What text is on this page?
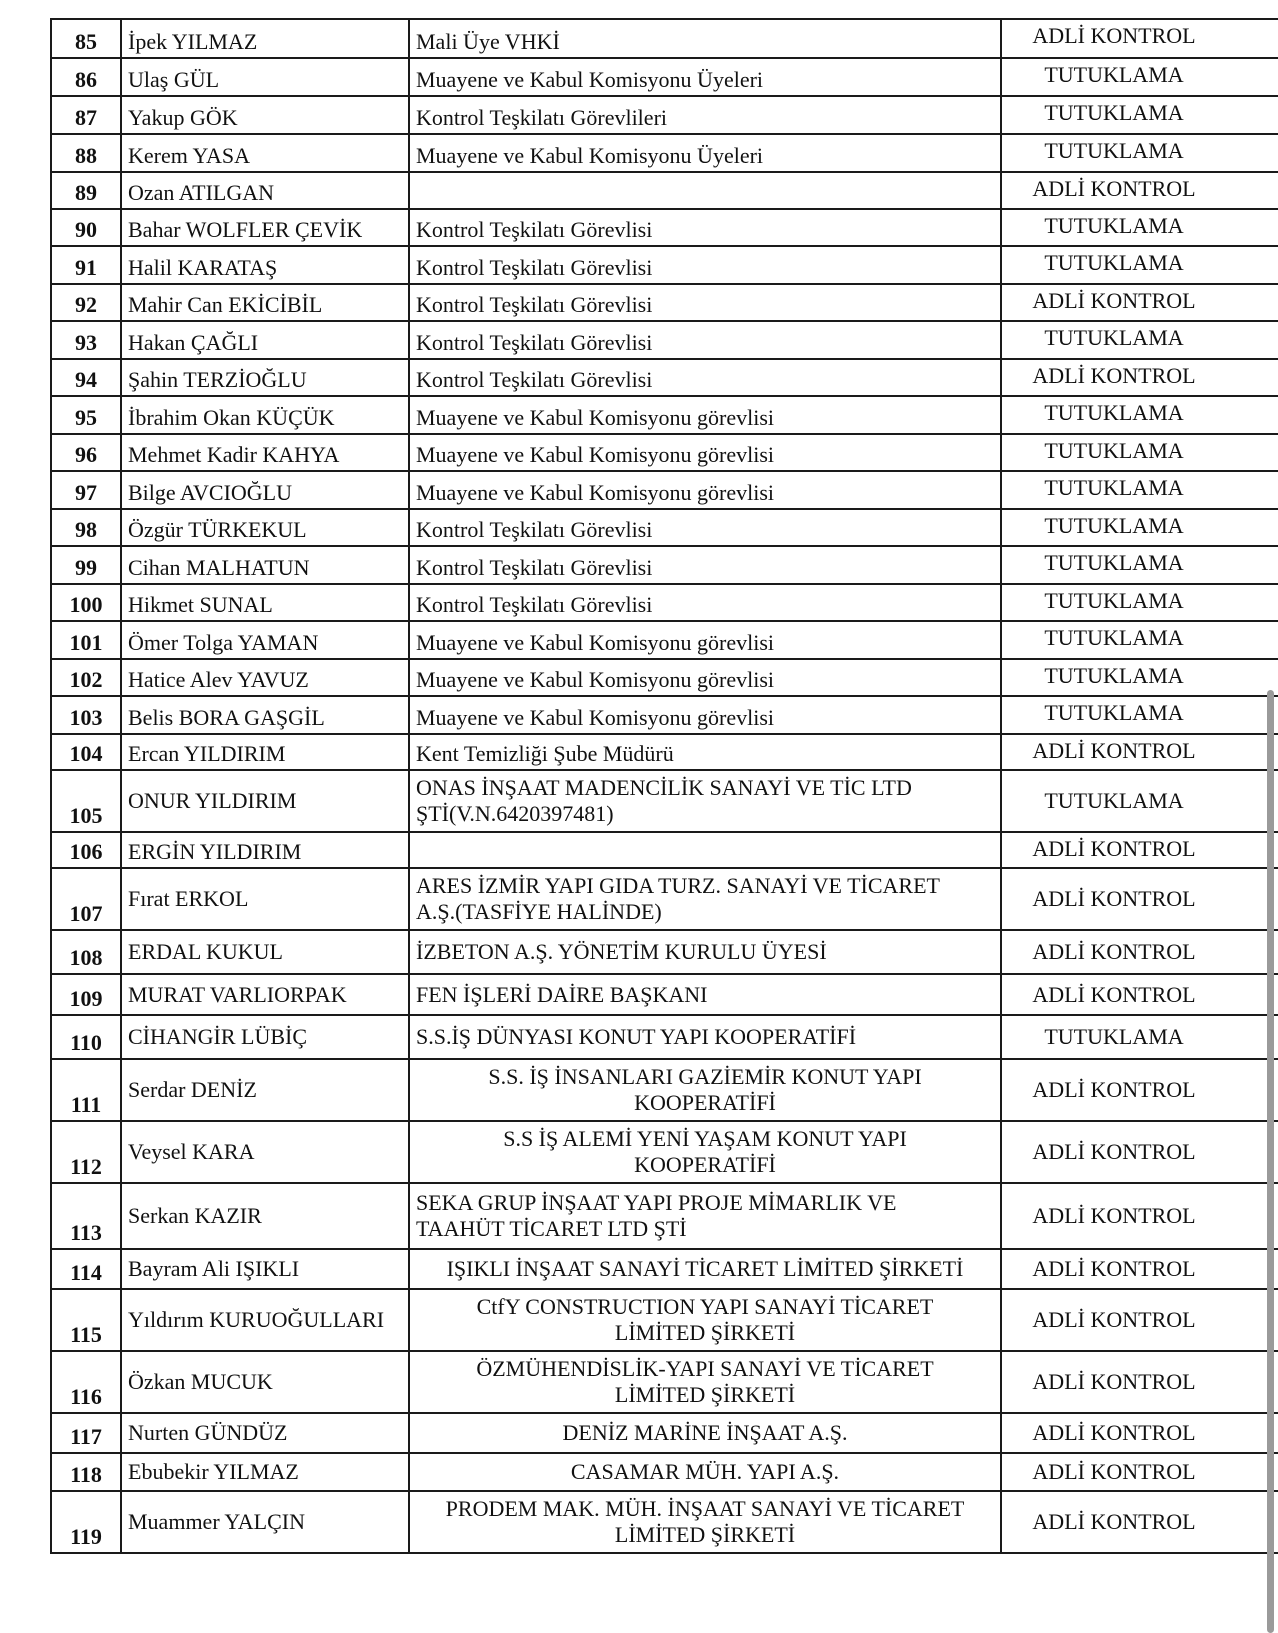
85	İpek YILMAZ	Mali Üye VHKİ	ADLİ KONTROL
86	Ulaş GÜL	Muayene ve Kabul Komisyonu Üyeleri	TUTUKLAMA
87	Yakup GÖK	Kontrol Teşkilatı Görevlileri	TUTUKLAMA
88	Kerem YASA	Muayene ve Kabul Komisyonu Üyeleri	TUTUKLAMA
89	Ozan ATILGAN		ADLİ KONTROL
90	Bahar WOLFLER ÇEVİK	Kontrol Teşkilatı Görevlisi	TUTUKLAMA
91	Halil KARATAŞ	Kontrol Teşkilatı Görevlisi	TUTUKLAMA
92	Mahir Can EKİCİBİL	Kontrol Teşkilatı Görevlisi	ADLİ KONTROL
93	Hakan ÇAĞLI	Kontrol Teşkilatı Görevlisi	TUTUKLAMA
94	Şahin TERZİOĞLU	Kontrol Teşkilatı Görevlisi	ADLİ KONTROL
95	İbrahim Okan KÜÇÜK	Muayene ve Kabul Komisyonu görevlisi	TUTUKLAMA
96	Mehmet Kadir KAHYA	Muayene ve Kabul Komisyonu görevlisi	TUTUKLAMA
97	Bilge AVCIOĞLU	Muayene ve Kabul Komisyonu görevlisi	TUTUKLAMA
98	Özgür TÜRKEKUL	Kontrol Teşkilatı Görevlisi	TUTUKLAMA
99	Cihan MALHATUN	Kontrol Teşkilatı Görevlisi	TUTUKLAMA
100	Hikmet SUNAL	Kontrol Teşkilatı Görevlisi	TUTUKLAMA
101	Ömer Tolga YAMAN	Muayene ve Kabul Komisyonu görevlisi	TUTUKLAMA
102	Hatice Alev YAVUZ	Muayene ve Kabul Komisyonu görevlisi	TUTUKLAMA
103	Belis BORA GAŞGİL	Muayene ve Kabul Komisyonu görevlisi	TUTUKLAMA
104	Ercan YILDIRIM	Kent Temizliği Şube Müdürü	ADLİ KONTROL
105	ONUR YILDIRIM	ONAS İNŞAAT MADENCİLİK SANAYİ VE TİC LTD
ŞTİ(V.N.6420397481)	TUTUKLAMA
106	ERGİN YILDIRIM		ADLİ KONTROL
107	Fırat ERKOL	ARES İZMİR YAPI GIDA TURZ. SANAYİ VE TİCARET
A.Ş.(TASFİYE HALİNDE)	ADLİ KONTROL
108	ERDAL KUKUL	İZBETON A.Ş. YÖNETİM KURULU ÜYESİ	ADLİ KONTROL
109	MURAT VARLIORPAK	FEN İŞLERİ DAİRE BAŞKANI	ADLİ KONTROL
110	CİHANGİR LÜBİÇ	S.S.İŞ DÜNYASI KONUT YAPI KOOPERATİFİ	TUTUKLAMA
111	Serdar DENİZ	S.S. İŞ İNSANLARI GAZİEMİR KONUT YAPI
KOOPERATİFİ	ADLİ KONTROL
112	Veysel KARA	S.S İŞ ALEMİ YENİ YAŞAM KONUT YAPI
KOOPERATİFİ	ADLİ KONTROL
113	Serkan KAZIR	SEKA GRUP İNŞAAT YAPI PROJE MİMARLIK VE
TAAHÜT TİCARET LTD ŞTİ	ADLİ KONTROL
114	Bayram Ali IŞIKLI	IŞIKLI İNŞAAT SANAYİ TİCARET LİMİTED ŞİRKETİ	ADLİ KONTROL
115	Yıldırım KURUOĞULLARI	CtfY CONSTRUCTION YAPI SANAYİ TİCARET
LİMİTED ŞİRKETİ	ADLİ KONTROL
116	Özkan MUCUK	ÖZMÜHENDİSLİK-YAPI SANAYİ VE TİCARET
LİMİTED ŞİRKETİ	ADLİ KONTROL
117	Nurten GÜNDÜZ	DENİZ MARİNE İNŞAAT A.Ş.	ADLİ KONTROL
118	Ebubekir YILMAZ	CASAMAR MÜH. YAPI A.Ş.	ADLİ KONTROL
119	Muammer YALÇIN	PRODEM MAK. MÜH. İNŞAAT SANAYİ VE TİCARET
LİMİTED ŞİRKETİ	ADLİ KONTROL
